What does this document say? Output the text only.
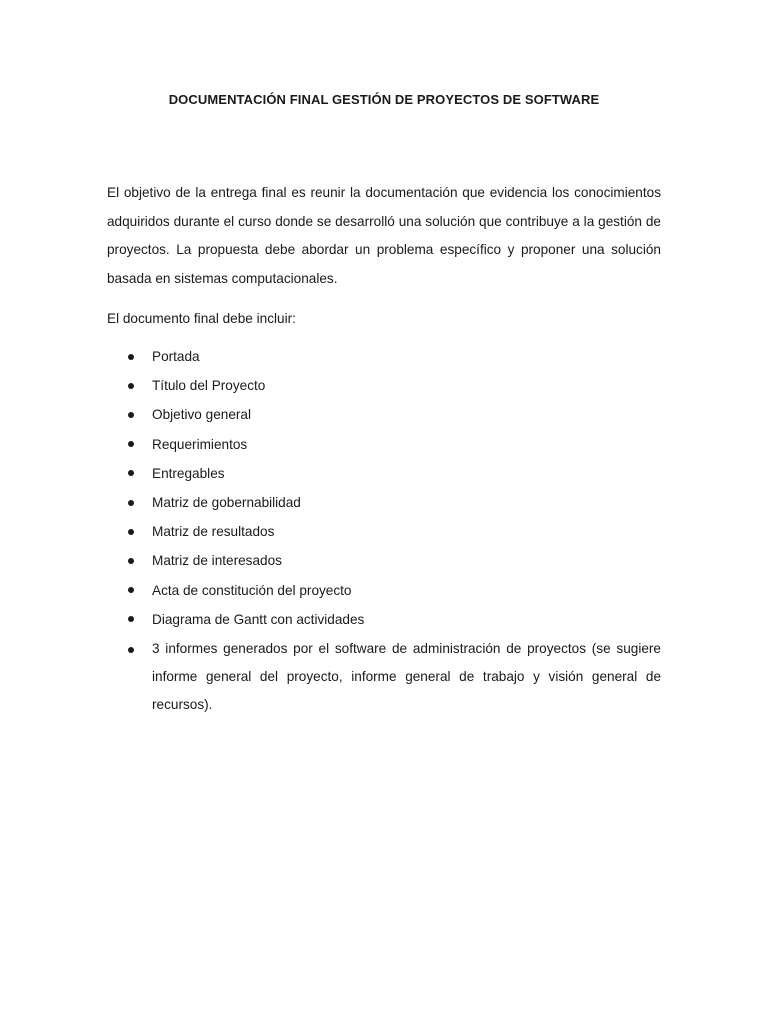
DOCUMENTACIÓN FINAL GESTIÓN DE PROYECTOS DE SOFTWARE

El objetivo de la entrega final es reunir la documentación que evidencia los conocimientos adquiridos durante el curso donde se desarrolló una solución que contribuye a la gestión de proyectos. La propuesta debe abordar un problema específico y proponer una solución basada en sistemas computacionales.

El documento final debe incluir:

Portada
Título del Proyecto
Objetivo general
Requerimientos
Entregables
Matriz de gobernabilidad
Matriz de resultados
Matriz de interesados
Acta de constitución del proyecto
Diagrama de Gantt con actividades
3 informes generados por el software de administración de proyectos (se sugiere informe general del proyecto, informe general de trabajo y visión general de recursos).
